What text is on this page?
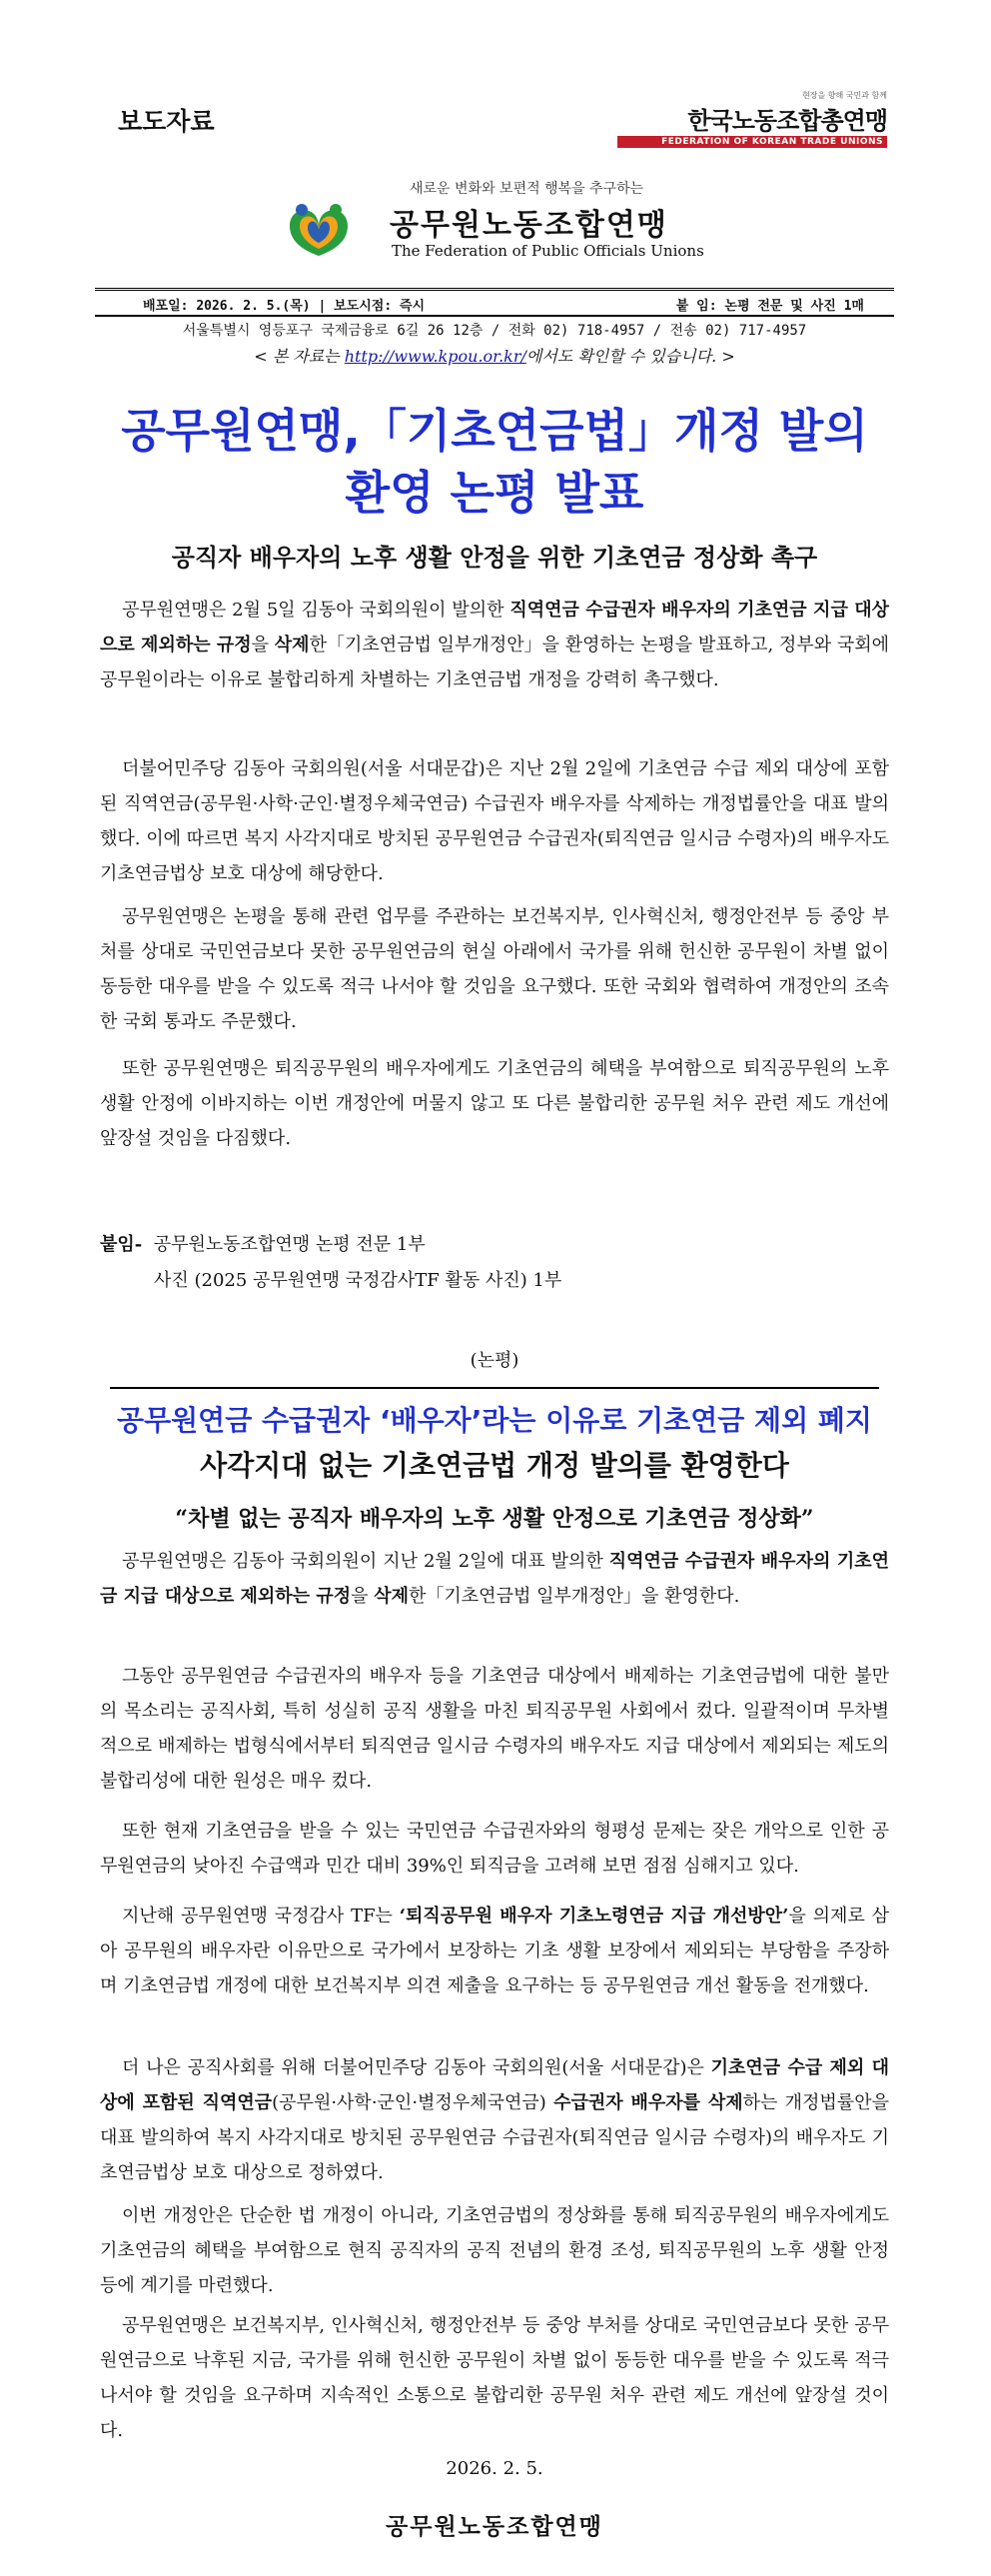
보도자료
현장을 향해 국민과 함께
한국노동조합총연맹
FEDERATION OF KOREAN TRADE UNIONS
새로운 변화와 보편적 행복을 추구하는
공무원노동조합연맹
The Federation of Public Officials Unions
배포일: 2026. 2. 5.(목) | 보도시점: 즉시	붙 임: 논평 전문 및 사진 1매
서울특별시 영등포구 국제금융로 6길 26 12층 / 전화 02) 718-4957 / 전송 02) 717-4957
< 본 자료는 http://www.kpou.or.kr/에서도 확인할 수 있습니다. >
공무원연맹,「기초연금법」개정 발의
환영 논평 발표
공직자 배우자의 노후 생활 안정을 위한 기초연금 정상화 촉구
공무원연맹은 2월 5일 김동아 국회의원이 발의한 직역연금 수급권자 배우자의 기초연금 지급 대상으로 제외하는 규정을 삭제한「기초연금법 일부개정안」을 환영하는 논평을 발표하고, 정부와 국회에 공무원이라는 이유로 불합리하게 차별하는 기초연금법 개정을 강력히 촉구했다.
더불어민주당 김동아 국회의원(서울 서대문갑)은 지난 2월 2일에 기초연금 수급 제외 대상에 포함된 직역연금(공무원·사학·군인·별정우체국연금) 수급권자 배우자를 삭제하는 개정법률안을 대표 발의했다. 이에 따르면 복지 사각지대로 방치된 공무원연금 수급권자(퇴직연금 일시금 수령자)의 배우자도 기초연금법상 보호 대상에 해당한다.
공무원연맹은 논평을 통해 관련 업무를 주관하는 보건복지부, 인사혁신처, 행정안전부 등 중앙 부처를 상대로 국민연금보다 못한 공무원연금의 현실 아래에서 국가를 위해 헌신한 공무원이 차별 없이 동등한 대우를 받을 수 있도록 적극 나서야 할 것임을 요구했다. 또한 국회와 협력하여 개정안의 조속한 국회 통과도 주문했다.
또한 공무원연맹은 퇴직공무원의 배우자에게도 기초연금의 혜택을 부여함으로 퇴직공무원의 노후 생활 안정에 이바지하는 이번 개정안에 머물지 않고 또 다른 불합리한 공무원 처우 관련 제도 개선에 앞장설 것임을 다짐했다.
붙임- 공무원노동조합연맹 논평 전문 1부
사진 (2025 공무원연맹 국정감사TF 활동 사진) 1부
(논평)
공무원연금 수급권자 ‘배우자’라는 이유로 기초연금 제외 폐지
사각지대 없는 기초연금법 개정 발의를 환영한다
“차별 없는 공직자 배우자의 노후 생활 안정으로 기초연금 정상화”
공무원연맹은 김동아 국회의원이 지난 2월 2일에 대표 발의한 직역연금 수급권자 배우자의 기초연금 지급 대상으로 제외하는 규정을 삭제한「기초연금법 일부개정안」을 환영한다.
그동안 공무원연금 수급권자의 배우자 등을 기초연금 대상에서 배제하는 기초연금법에 대한 불만의 목소리는 공직사회, 특히 성실히 공직 생활을 마친 퇴직공무원 사회에서 컸다. 일괄적이며 무차별적으로 배제하는 법형식에서부터 퇴직연금 일시금 수령자의 배우자도 지급 대상에서 제외되는 제도의 불합리성에 대한 원성은 매우 컸다.
또한 현재 기초연금을 받을 수 있는 국민연금 수급권자와의 형평성 문제는 잦은 개악으로 인한 공무원연금의 낮아진 수급액과 민간 대비 39%인 퇴직금을 고려해 보면 점점 심해지고 있다.
지난해 공무원연맹 국정감사 TF는 ‘퇴직공무원 배우자 기초노령연금 지급 개선방안’을 의제로 삼아 공무원의 배우자란 이유만으로 국가에서 보장하는 기초 생활 보장에서 제외되는 부당함을 주장하며 기초연금법 개정에 대한 보건복지부 의견 제출을 요구하는 등 공무원연금 개선 활동을 전개했다.
더 나은 공직사회를 위해 더불어민주당 김동아 국회의원(서울 서대문갑)은 기초연금 수급 제외 대상에 포함된 직역연금(공무원·사학·군인·별정우체국연금) 수급권자 배우자를 삭제하는 개정법률안을 대표 발의하여 복지 사각지대로 방치된 공무원연금 수급권자(퇴직연금 일시금 수령자)의 배우자도 기초연금법상 보호 대상으로 정하였다.
이번 개정안은 단순한 법 개정이 아니라, 기초연금법의 정상화를 통해 퇴직공무원의 배우자에게도 기초연금의 혜택을 부여함으로 현직 공직자의 공직 전념의 환경 조성, 퇴직공무원의 노후 생활 안정 등에 계기를 마련했다.
공무원연맹은 보건복지부, 인사혁신처, 행정안전부 등 중앙 부처를 상대로 국민연금보다 못한 공무원연금으로 낙후된 지금, 국가를 위해 헌신한 공무원이 차별 없이 동등한 대우를 받을 수 있도록 적극 나서야 할 것임을 요구하며 지속적인 소통으로 불합리한 공무원 처우 관련 제도 개선에 앞장설 것이다.
2026. 2. 5.
공무원노동조합연맹
